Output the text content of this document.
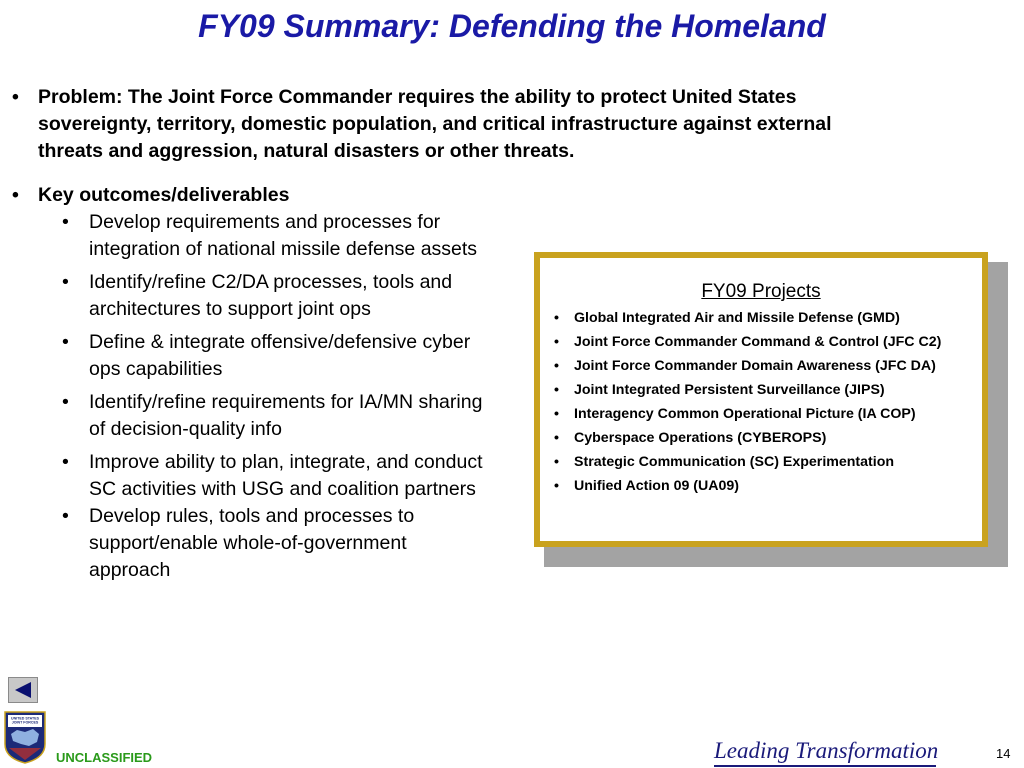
FY09 Summary: Defending the Homeland
• Problem: The Joint Force Commander requires the ability to protect United States sovereignty, territory, domestic population, and critical infrastructure against external threats and aggression, natural disasters or other threats.
• Key outcomes/deliverables
• Develop requirements and processes for integration of national missile defense assets
• Identify/refine C2/DA processes, tools and architectures to support joint ops
• Define & integrate offensive/defensive cyber ops capabilities
• Identify/refine requirements for IA/MN sharing of decision-quality info
• Improve ability to plan, integrate, and conduct SC activities with USG and coalition partners
• Develop rules, tools and processes to support/enable whole-of-government approach
FY09 Projects
• Global Integrated Air and Missile Defense (GMD)
• Joint Force Commander Command & Control (JFC C2)
• Joint Force Commander Domain Awareness (JFC DA)
• Joint Integrated Persistent Surveillance (JIPS)
• Interagency Common Operational Picture (IA COP)
• Cyberspace Operations (CYBEROPS)
• Strategic Communication (SC) Experimentation
• Unified Action 09 (UA09)
UNITED STATES
JOINT FORCES
UNCLASSIFIED	Leading Transformation	14
